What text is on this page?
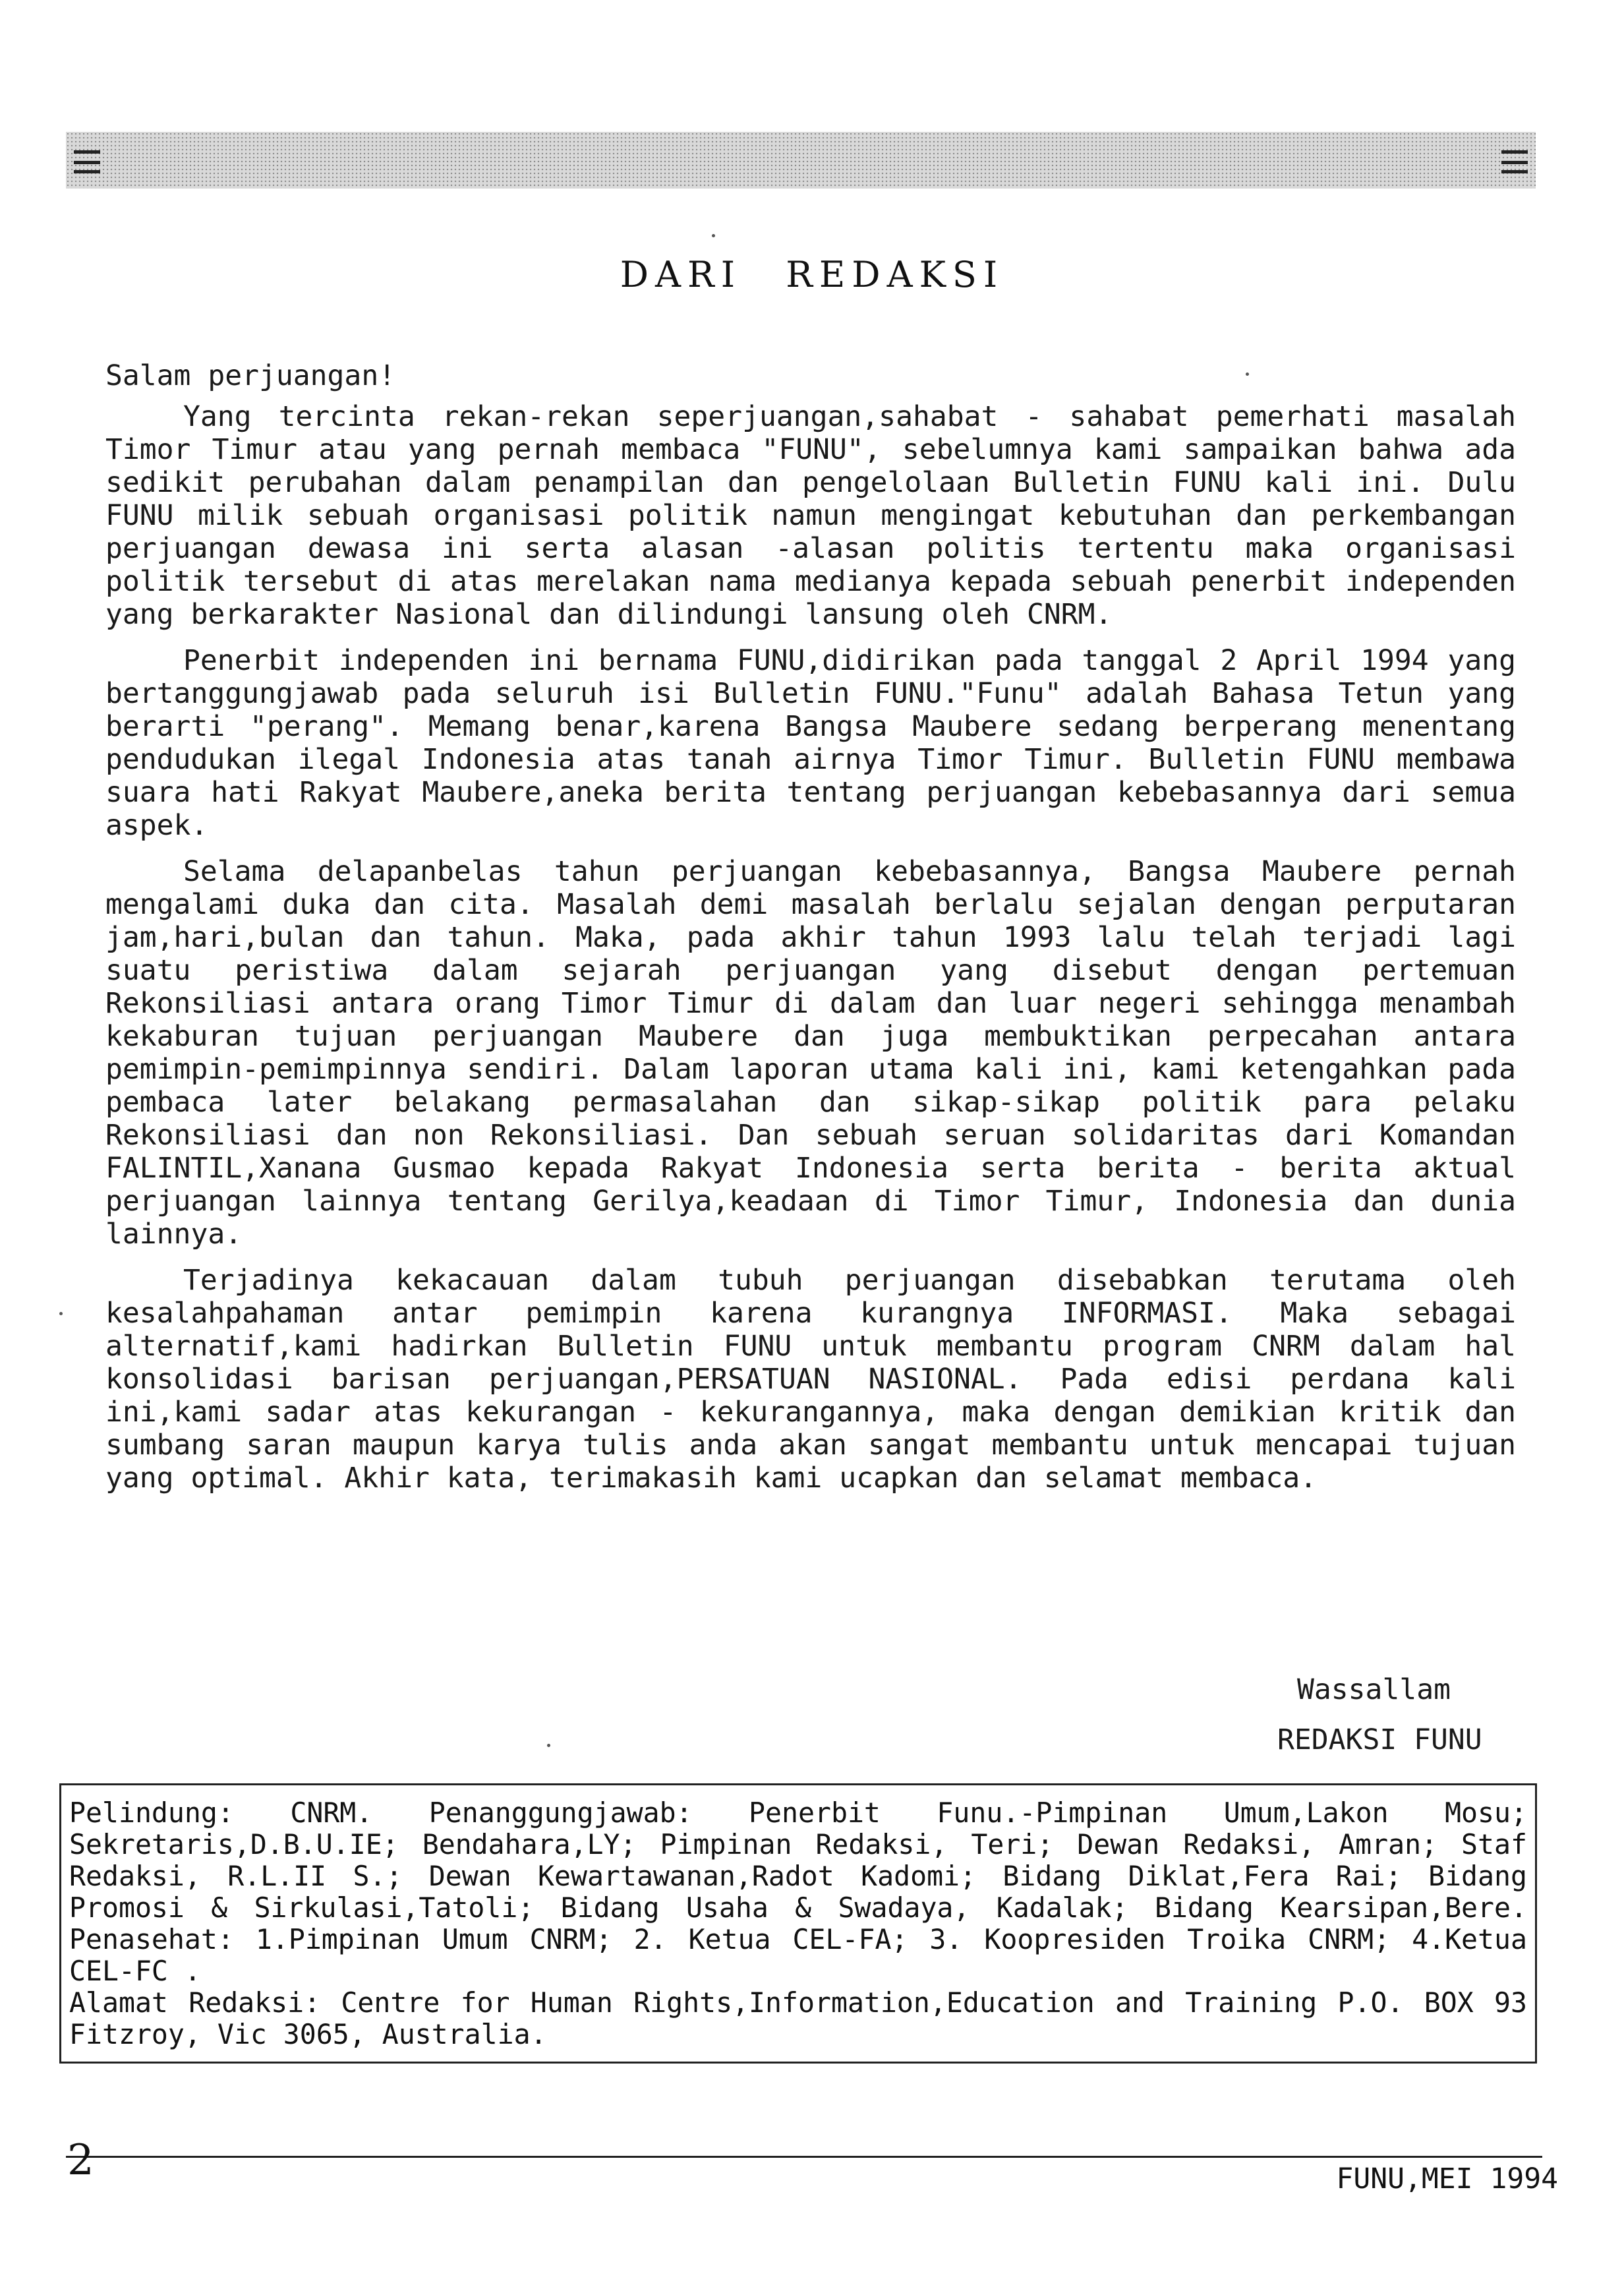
DARI REDAKSI

Salam perjuangan!

Yang tercinta rekan-rekan seperjuangan,sahabat - sahabat pemerhati masalah Timor Timur atau yang pernah membaca "FUNU", sebelumnya kami sampaikan bahwa ada sedikit perubahan dalam penampilan dan pengelolaan Bulletin FUNU kali ini. Dulu FUNU milik sebuah organisasi politik namun mengingat kebutuhan dan perkembangan perjuangan dewasa ini serta alasan -alasan politis tertentu maka organisasi politik tersebut di atas merelakan nama medianya kepada sebuah penerbit independen yang berkarakter Nasional dan dilindungi lansung oleh CNRM.

Penerbit independen ini bernama FUNU,didirikan pada tanggal 2 April 1994 yang bertanggungjawab pada seluruh isi Bulletin FUNU."Funu" adalah Bahasa Tetun yang berarti "perang". Memang benar,karena Bangsa Maubere sedang berperang menentang pendudukan ilegal Indonesia atas tanah airnya Timor Timur. Bulletin FUNU membawa suara hati Rakyat Maubere,aneka berita tentang perjuangan kebebasannya dari semua aspek.

Selama delapanbelas tahun perjuangan kebebasannya, Bangsa Maubere pernah mengalami duka dan cita. Masalah demi masalah berlalu sejalan dengan perputaran jam,hari,bulan dan tahun. Maka, pada akhir tahun 1993 lalu telah terjadi lagi suatu peristiwa dalam sejarah perjuangan yang disebut dengan pertemuan Rekonsiliasi antara orang Timor Timur di dalam dan luar negeri sehingga menambah kekaburan tujuan perjuangan Maubere dan juga membuktikan perpecahan antara pemimpin-pemimpinnya sendiri. Dalam laporan utama kali ini, kami ketengahkan pada pembaca later belakang permasalahan dan sikap-sikap politik para pelaku Rekonsiliasi dan non Rekonsiliasi. Dan sebuah seruan solidaritas dari Komandan FALINTIL,Xanana Gusmao kepada Rakyat Indonesia serta berita - berita aktual perjuangan lainnya tentang Gerilya,keadaan di Timor Timur, Indonesia dan dunia lainnya.

Terjadinya kekacauan dalam tubuh perjuangan disebabkan terutama oleh kesalahpahaman antar pemimpin karena kurangnya INFORMASI. Maka sebagai alternatif,kami hadirkan Bulletin FUNU untuk membantu program CNRM dalam hal konsolidasi barisan perjuangan,PERSATUAN NASIONAL. Pada edisi perdana kali ini,kami sadar atas kekurangan - kekurangannya, maka dengan demikian kritik dan sumbang saran maupun karya tulis anda akan sangat membantu untuk mencapai tujuan yang optimal. Akhir kata, terimakasih kami ucapkan dan selamat membaca.

Wassallam
REDAKSI FUNU

Pelindung: CNRM. Penanggungjawab: Penerbit Funu.-Pimpinan Umum,Lakon Mosu; Sekretaris,D.B.U.IE; Bendahara,LY; Pimpinan Redaksi, Teri; Dewan Redaksi, Amran; Staf Redaksi, R.L.II S.; Dewan Kewartawanan,Radot Kadomi; Bidang Diklat,Fera Rai; Bidang Promosi & Sirkulasi,Tatoli; Bidang Usaha & Swadaya, Kadalak; Bidang Kearsipan,Bere. Penasehat: 1.Pimpinan Umum CNRM; 2. Ketua CEL-FA; 3. Koopresiden Troika CNRM; 4.Ketua CEL-FC .

Alamat Redaksi: Centre for Human Rights,Information,Education and Training P.O. BOX 93 Fitzroy, Vic 3065, Australia.

2	FUNU,MEI 1994
